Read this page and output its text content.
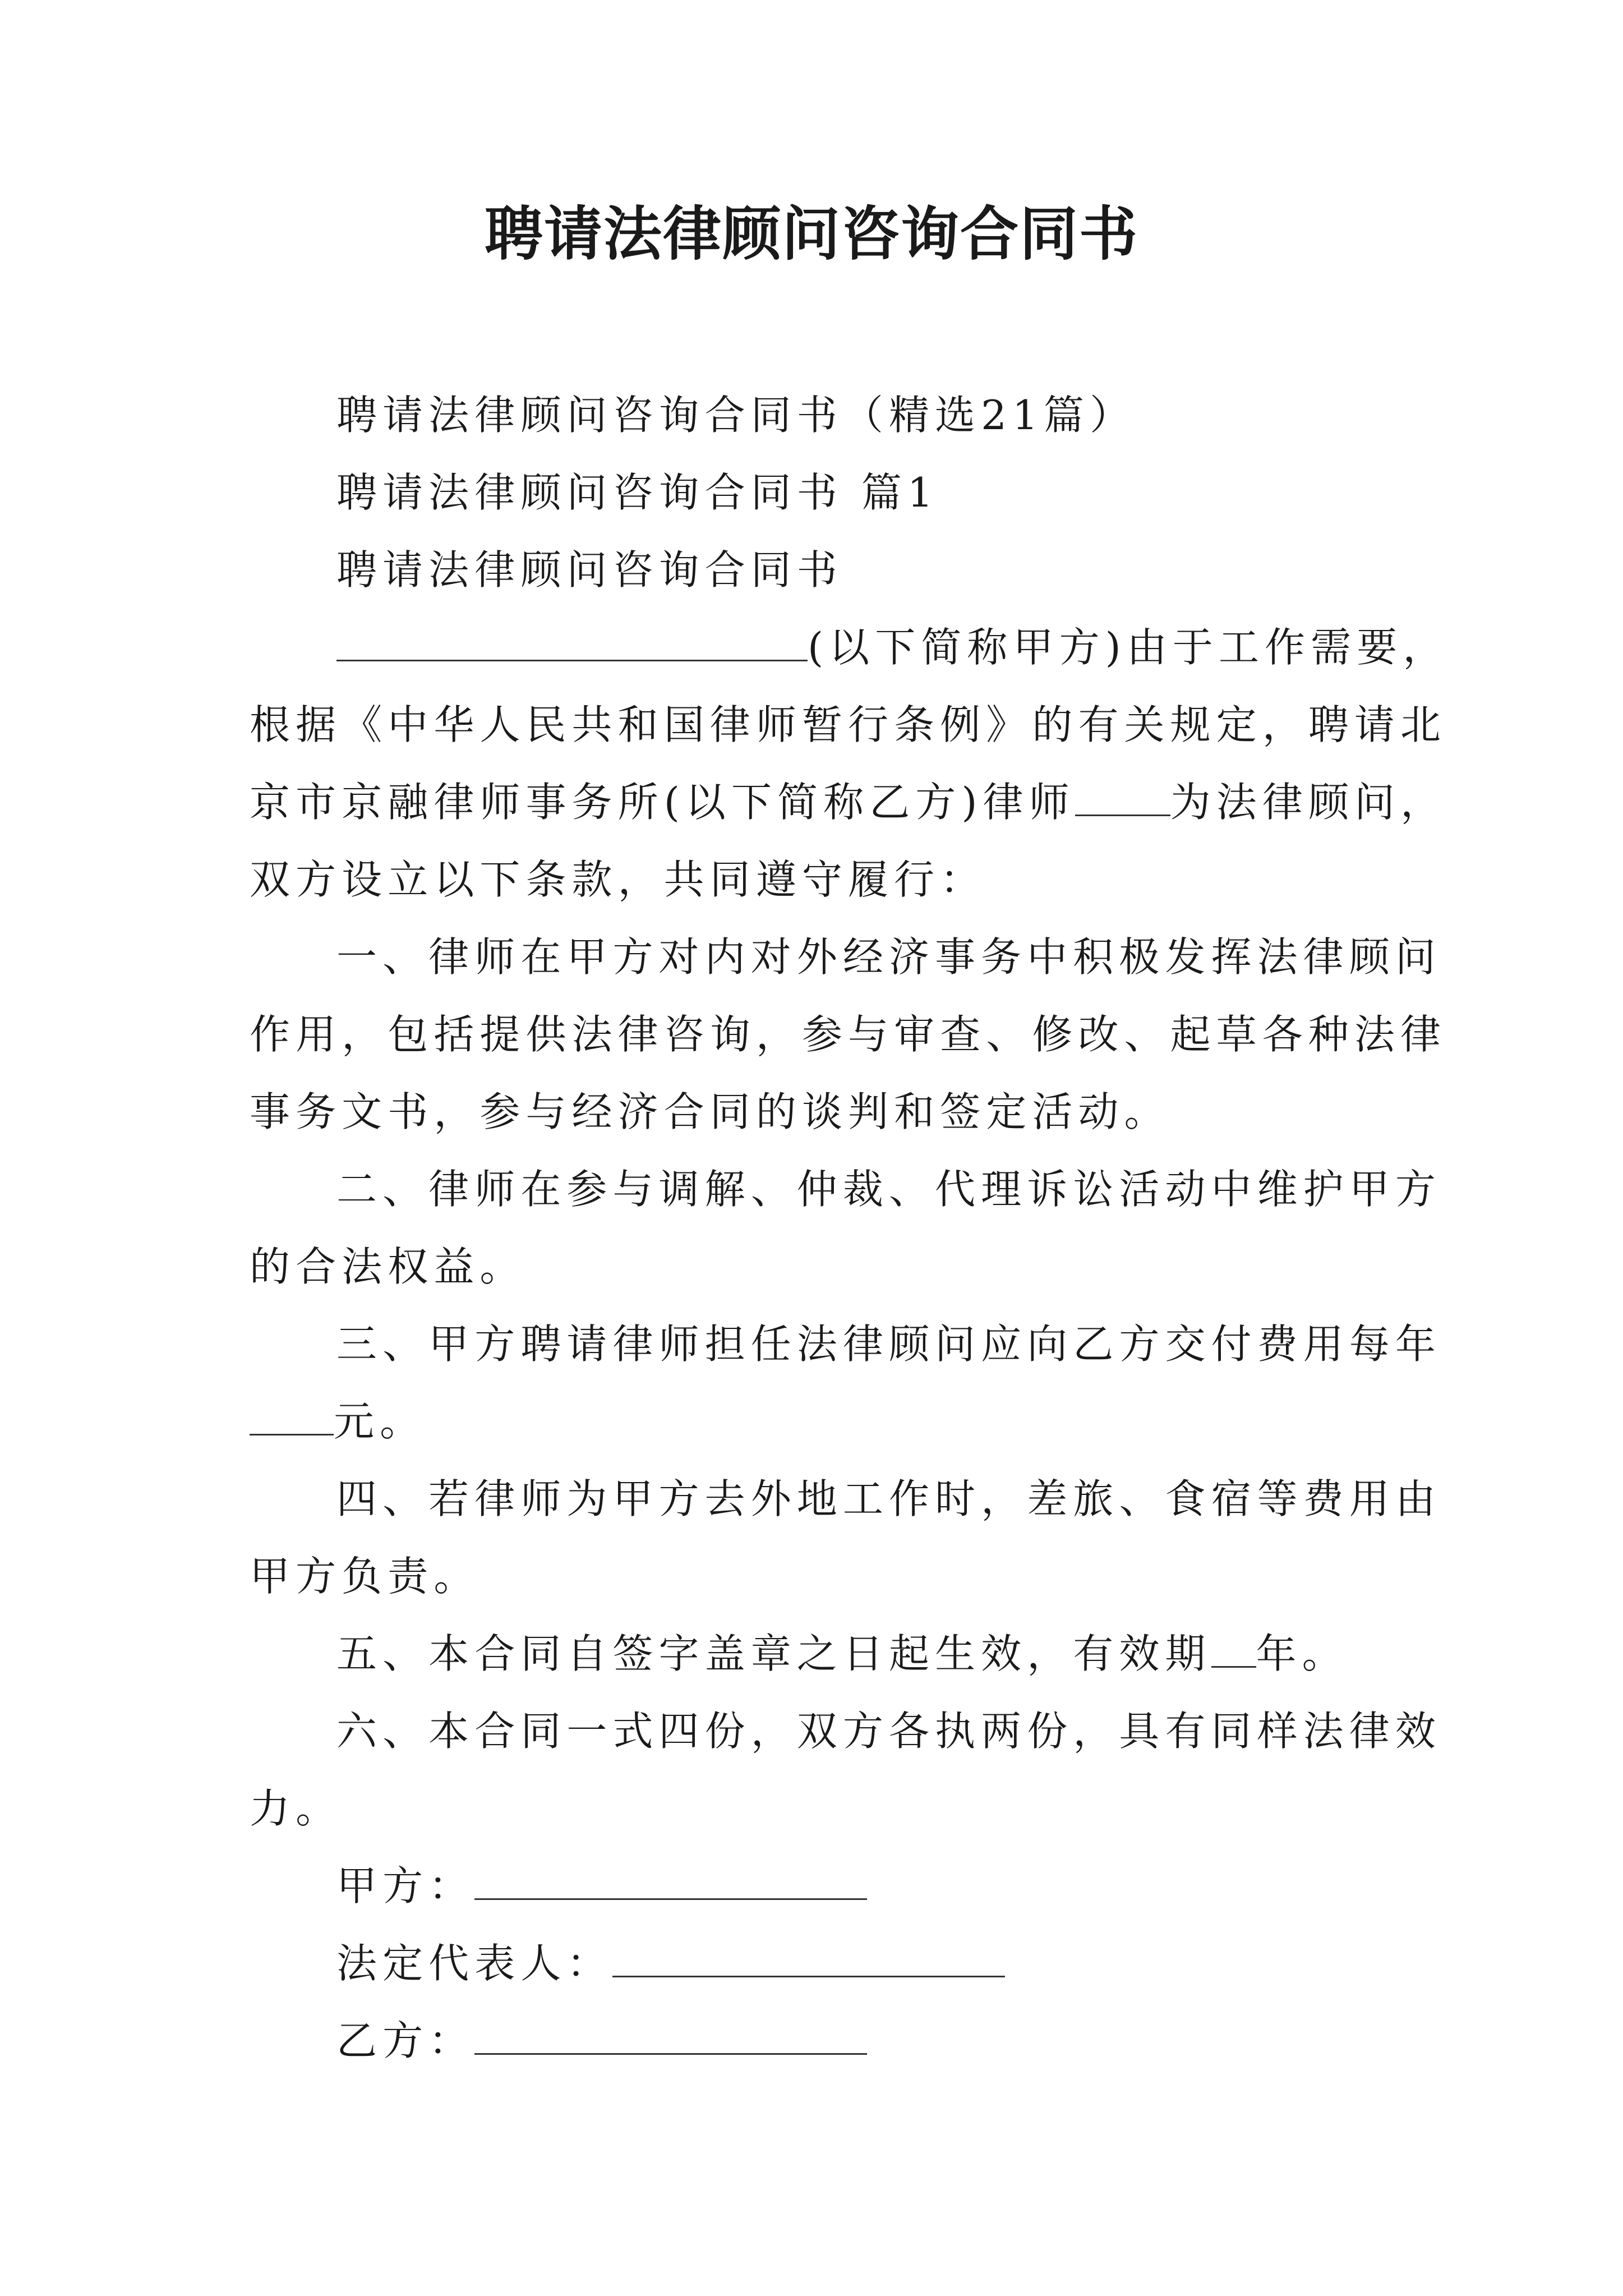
聘请法律顾问咨询合同书
聘请法律顾问咨询合同书（精选21篇）
聘请法律顾问咨询合同书 篇1
聘请法律顾问咨询合同书
(以下简称甲方)由于工作需要，
根据《中华人民共和国律师暂行条例》的有关规定，聘请北
京市京融律师事务所(以下简称乙方)律师 为法律顾问，
双方设立以下条款，共同遵守履行：
一、律师在甲方对内对外经济事务中积极发挥法律顾问
作用，包括提供法律咨询，参与审查、修改、起草各种法律
事务文书，参与经济合同的谈判和签定活动。
二、律师在参与调解、仲裁、代理诉讼活动中维护甲方
的合法权益。
三、甲方聘请律师担任法律顾问应向乙方交付费用每年
元。
四、若律师为甲方去外地工作时，差旅、食宿等费用由
甲方负责。
五、本合同自签字盖章之日起生效，有效期 年。
六、本合同一式四份，双方各执两份，具有同样法律效
力。
甲方：
法定代表人：
乙方：
